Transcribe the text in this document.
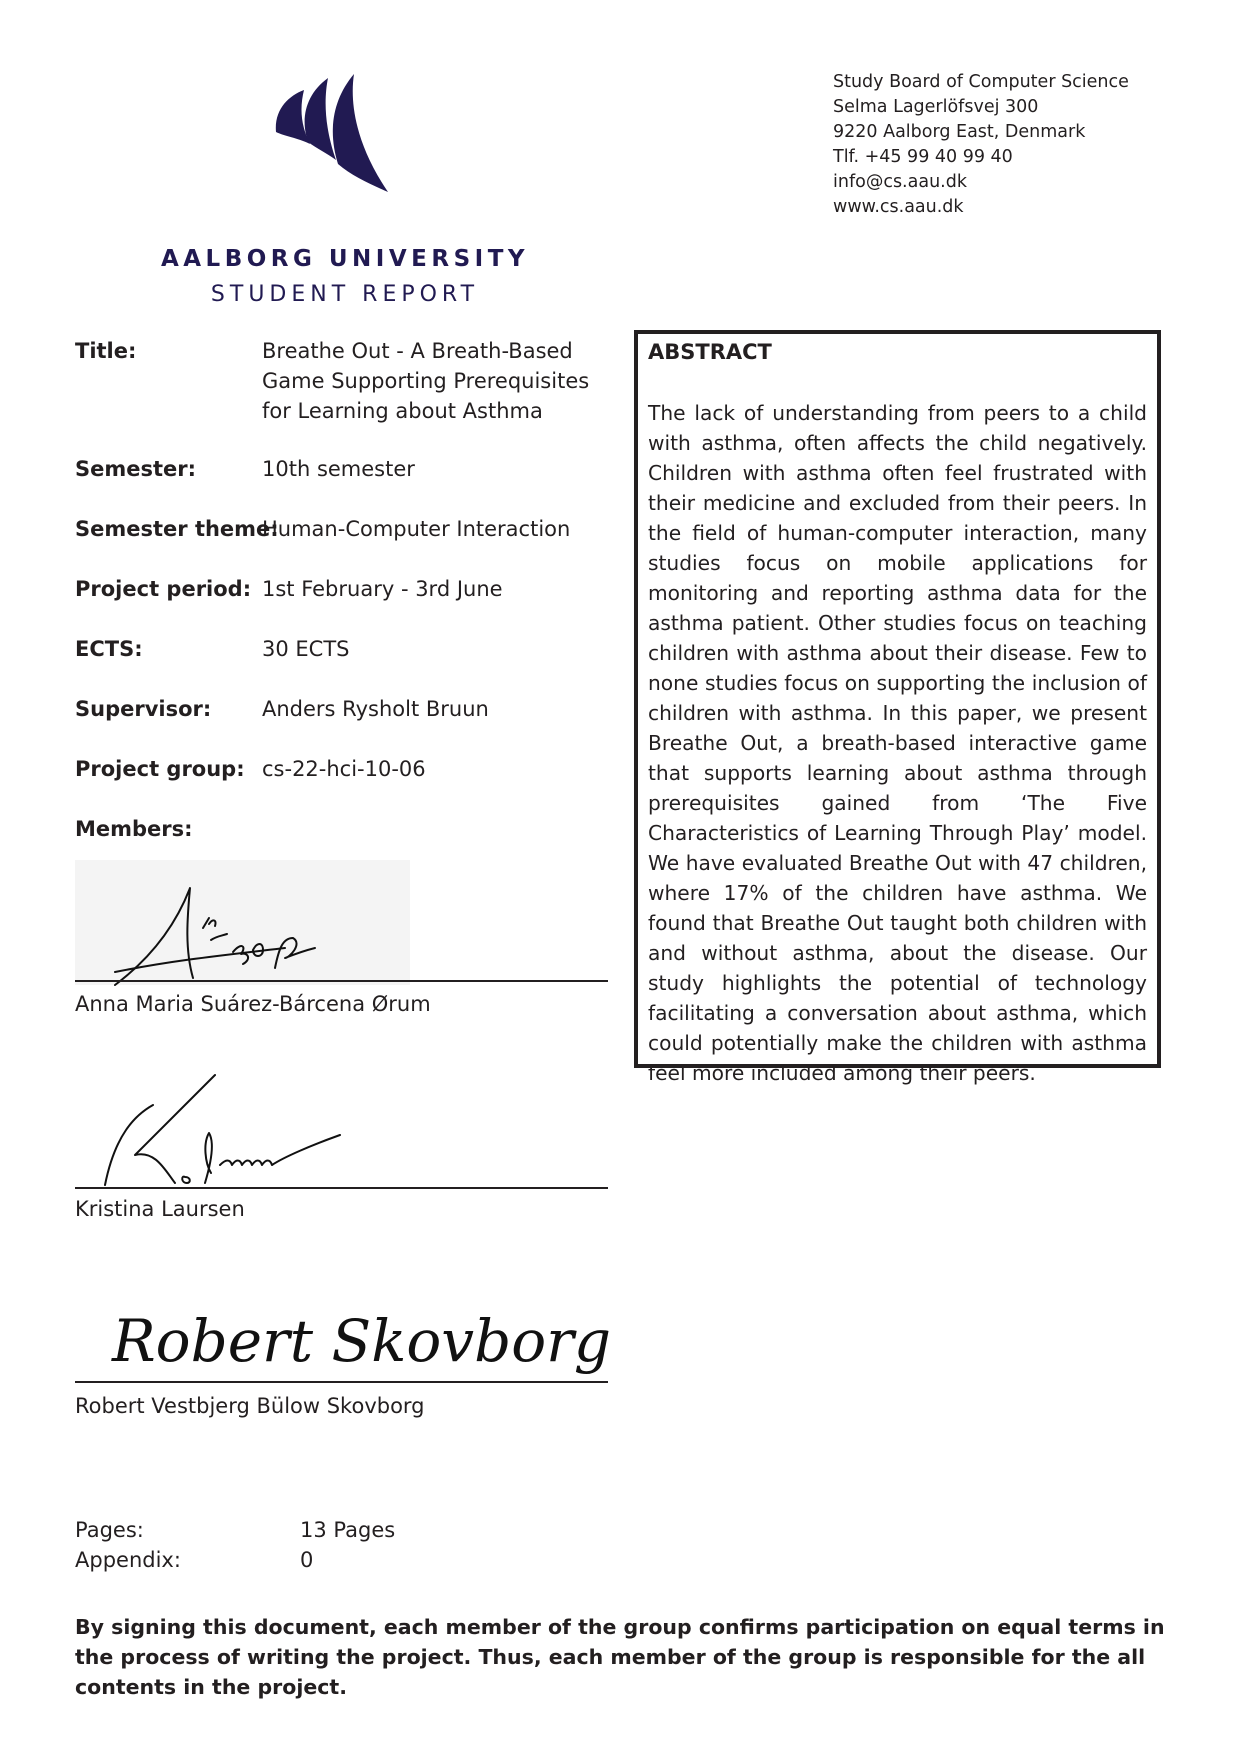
AALBORG UNIVERSITY
STUDENT REPORT
Study Board of Computer Science
Selma Lagerlöfsvej 300
9220 Aalborg East, Denmark
Tlf. +45 99 40 99 40
info@cs.aau.dk
www.cs.aau.dk
Title:	Breathe Out - A Breath-Based Game Supporting Prerequisites for Learning about Asthma
Semester:	10th semester
Semester theme:
Human-Computer Interaction
Project period: 1st February - 3rd June
ECTS:	30 ECTS
Supervisor: Anders Rysholt Bruun
Project group: cs-22-hci-10-06
Members:
Anna Maria Suárez-Bárcena Ørum
Kristina Laursen
Robert Skovborg
Robert Vestbjerg Bülow Skovborg
ABSTRACT
The lack of understanding from peers to a child with asthma, often affects the child negatively. Children with asthma often feel frustrated with their medicine and excluded from their peers. In the field of human-computer interaction, many studies focus on mobile applications for monitoring and reporting asthma data for the asthma patient. Other studies focus on teaching children with asthma about their disease. Few to none studies focus on supporting the inclusion of children with asthma. In this paper, we present Breathe Out, a breath-based interactive game that supports learning about asthma through prerequisites gained from ‘The Five Characteristics of Learning Through Play’ model. We have evaluated Breathe Out with 47 children, where 17% of the children have asthma. We found that Breathe Out taught both children with and without asthma, about the disease. Our study highlights the potential of technology facilitating a conversation about asthma, which could potentially make the children with asthma feel more included among their peers.
Pages:	13 Pages
Appendix:	0
By signing this document, each member of the group confirms participation on equal terms in the process of writing the project. Thus, each member of the group is responsible for the all contents in the project.
